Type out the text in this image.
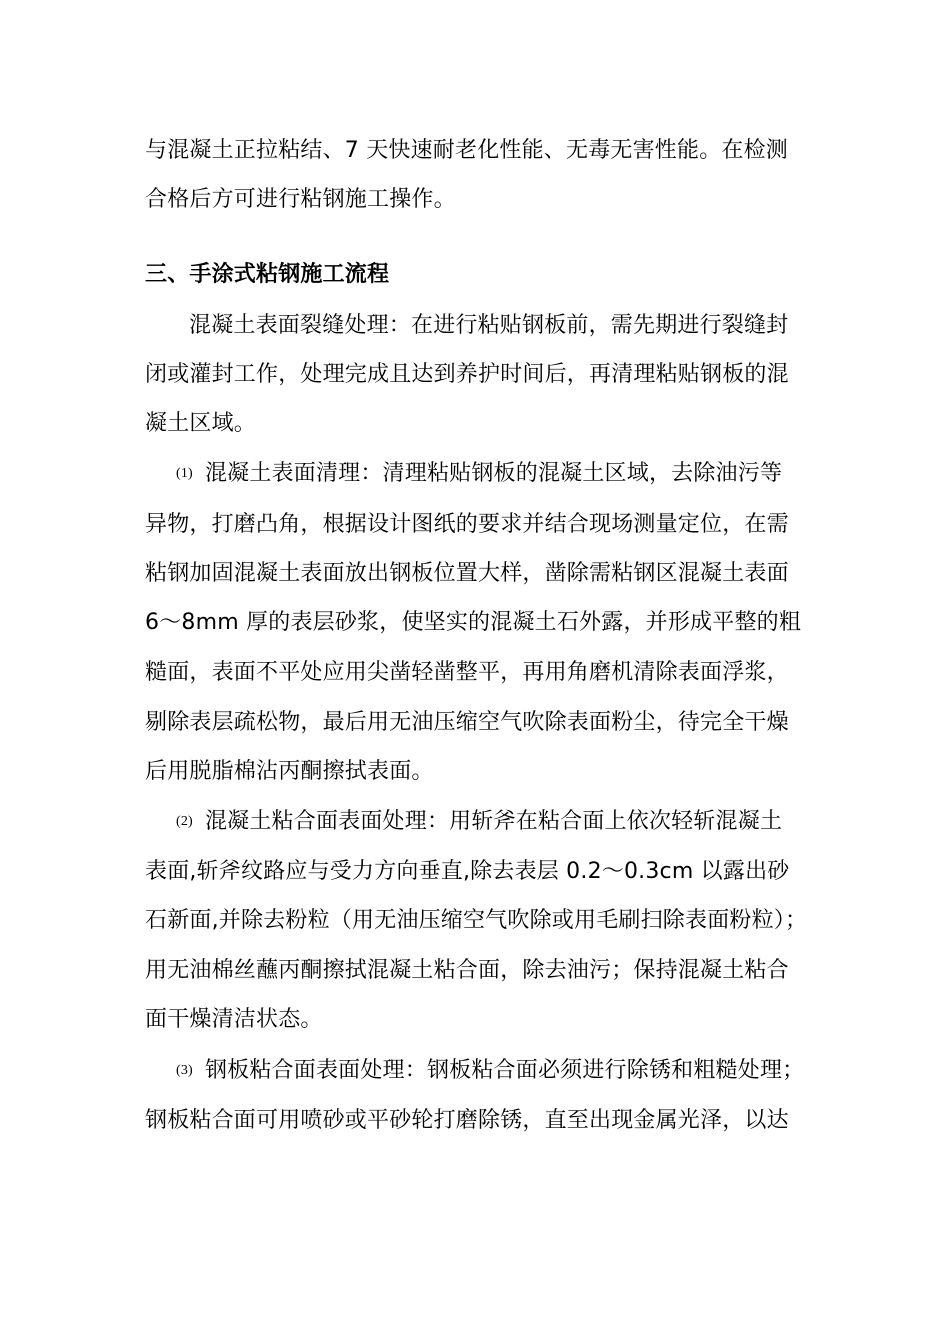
与混凝土正拉粘结、7 天快速耐老化性能、无毒无害性能。在检测
合格后方可进行粘钢施工操作。
三、手涂式粘钢施工流程
混凝土表面裂缝处理：在进行粘贴钢板前，需先期进行裂缝封
闭或灌封工作，处理完成且达到养护时间后，再清理粘贴钢板的混
凝土区域。
(1) 混凝土表面清理：清理粘贴钢板的混凝土区域，去除油污等
异物，打磨凸角，根据设计图纸的要求并结合现场测量定位，在需
粘钢加固混凝土表面放出钢板位置大样，凿除需粘钢区混凝土表面
6～8mm 厚的表层砂浆，使坚实的混凝土石外露，并形成平整的粗
糙面，表面不平处应用尖凿轻凿整平，再用角磨机清除表面浮浆，
剔除表层疏松物，最后用无油压缩空气吹除表面粉尘，待完全干燥
后用脱脂棉沾丙酮擦拭表面。
(2) 混凝土粘合面表面处理：用斩斧在粘合面上依次轻斩混凝土
表面,斩斧纹路应与受力方向垂直,除去表层 0.2～0.3cm 以露出砂
石新面,并除去粉粒（用无油压缩空气吹除或用毛刷扫除表面粉粒）；
用无油棉丝蘸丙酮擦拭混凝土粘合面，除去油污；保持混凝土粘合
面干燥清洁状态。
(3) 钢板粘合面表面处理：钢板粘合面必须进行除锈和粗糙处理；
钢板粘合面可用喷砂或平砂轮打磨除锈，直至出现金属光泽，以达
